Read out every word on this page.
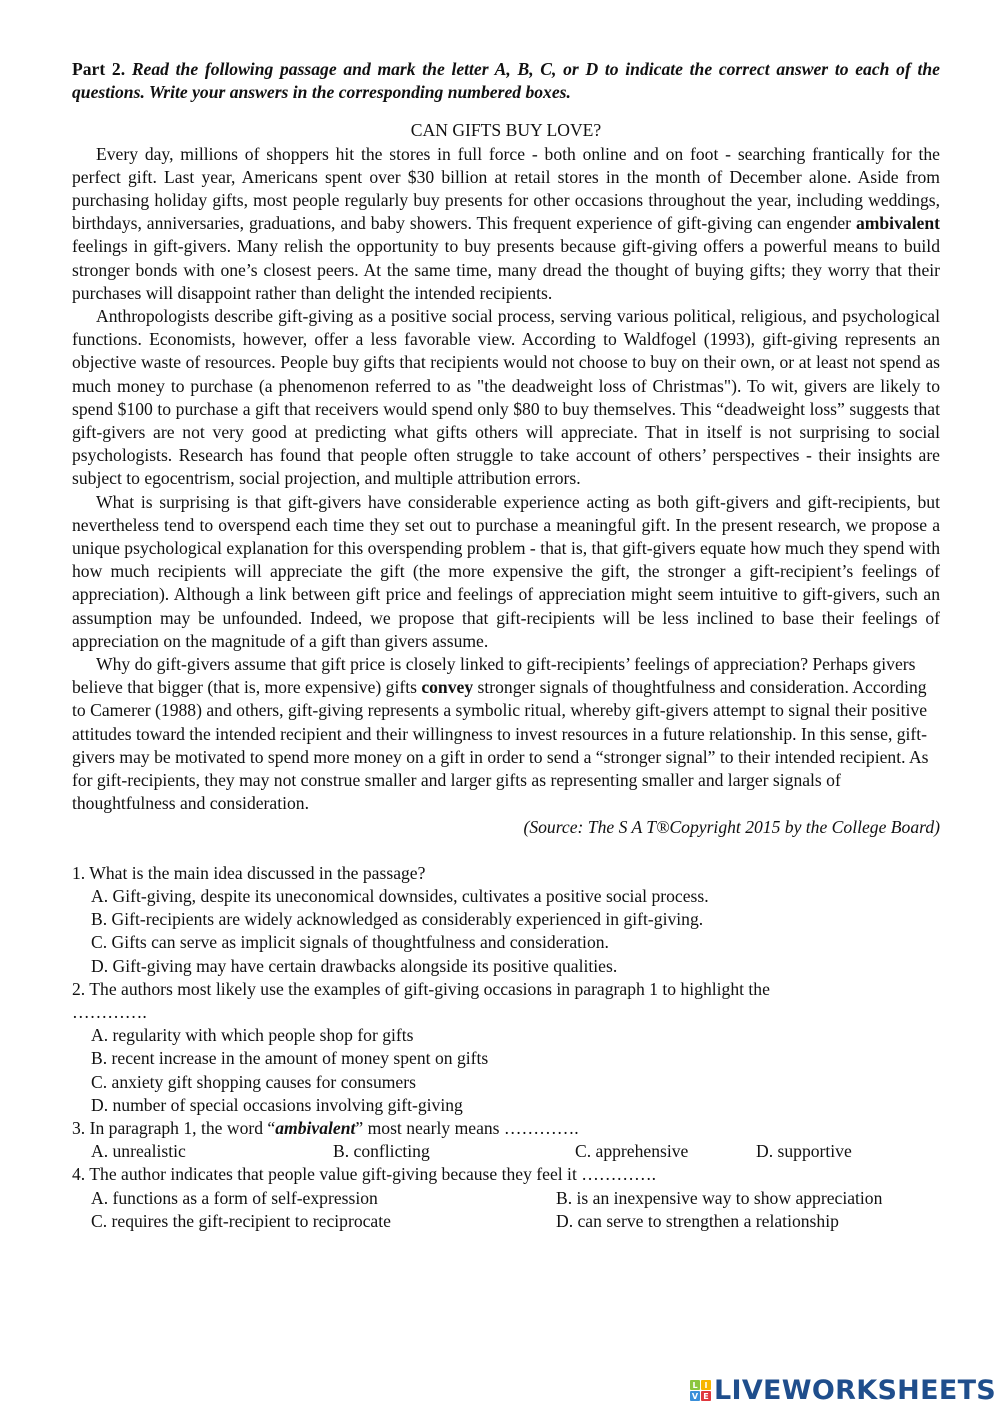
Part 2. Read the following passage and mark the letter A, B, C, or D to indicate the correct answer to each of the questions. Write your answers in the corresponding numbered boxes.

CAN GIFTS BUY LOVE?

Every day, millions of shoppers hit the stores in full force - both online and on foot - searching frantically for the perfect gift. Last year, Americans spent over $30 billion at retail stores in the month of December alone. Aside from purchasing holiday gifts, most people regularly buy presents for other occasions throughout the year, including weddings, birthdays, anniversaries, graduations, and baby showers. This frequent experience of gift-giving can engender ambivalent feelings in gift-givers. Many relish the opportunity to buy presents because gift-giving offers a powerful means to build stronger bonds with one’s closest peers. At the same time, many dread the thought of buying gifts; they worry that their purchases will disappoint rather than delight the intended recipients.

Anthropologists describe gift-giving as a positive social process, serving various political, religious, and psychological functions. Economists, however, offer a less favorable view. According to Waldfogel (1993), gift-giving represents an objective waste of resources. People buy gifts that recipients would not choose to buy on their own, or at least not spend as much money to purchase (a phenomenon referred to as "the deadweight loss of Christmas"). To wit, givers are likely to spend $100 to purchase a gift that receivers would spend only $80 to buy themselves. This “deadweight loss” suggests that gift-givers are not very good at predicting what gifts others will appreciate. That in itself is not surprising to social psychologists. Research has found that people often struggle to take account of others’ perspectives - their insights are subject to egocentrism, social projection, and multiple attribution errors.

What is surprising is that gift-givers have considerable experience acting as both gift-givers and gift-recipients, but nevertheless tend to overspend each time they set out to purchase a meaningful gift. In the present research, we propose a unique psychological explanation for this overspending problem - that is, that gift-givers equate how much they spend with how much recipients will appreciate the gift (the more expensive the gift, the stronger a gift-recipient’s feelings of appreciation). Although a link between gift price and feelings of appreciation might seem intuitive to gift-givers, such an assumption may be unfounded. Indeed, we propose that gift-recipients will be less inclined to base their feelings of appreciation on the magnitude of a gift than givers assume.

Why do gift-givers assume that gift price is closely linked to gift-recipients’ feelings of appreciation? Perhaps givers believe that bigger (that is, more expensive) gifts convey stronger signals of thoughtfulness and consideration. According to Camerer (1988) and others, gift-giving represents a symbolic ritual, whereby gift-givers attempt to signal their positive attitudes toward the intended recipient and their willingness to invest resources in a future relationship. In this sense, gift-givers may be motivated to spend more money on a gift in order to send a “stronger signal” to their intended recipient. As for gift-recipients, they may not construe smaller and larger gifts as representing smaller and larger signals of thoughtfulness and consideration.

(Source: The S A T®Copyright 2015 by the College Board)

1. What is the main idea discussed in the passage?

A. Gift-giving, despite its uneconomical downsides, cultivates a positive social process.

B. Gift-recipients are widely acknowledged as considerably experienced in gift-giving.

C. Gifts can serve as implicit signals of thoughtfulness and consideration.

D. Gift-giving may have certain drawbacks alongside its positive qualities.

2. The authors most likely use the examples of gift-giving occasions in paragraph 1 to highlight the

………….

A. regularity with which people shop for gifts

B. recent increase in the amount of money spent on gifts

C. anxiety gift shopping causes for consumers

D. number of special occasions involving gift-giving

3. In paragraph 1, the word “ambivalent” most nearly means ………….

A. unrealistic	B. conflicting	C. apprehensive	D. supportive

4. The author indicates that people value gift-giving because they feel it ………….

A. functions as a form of self-expression	B. is an inexpensive way to show appreciation
C. requires the gift-recipient to reciprocate	D. can serve to strengthen a relationship
L I
V E LIVEWORKSHEETS
